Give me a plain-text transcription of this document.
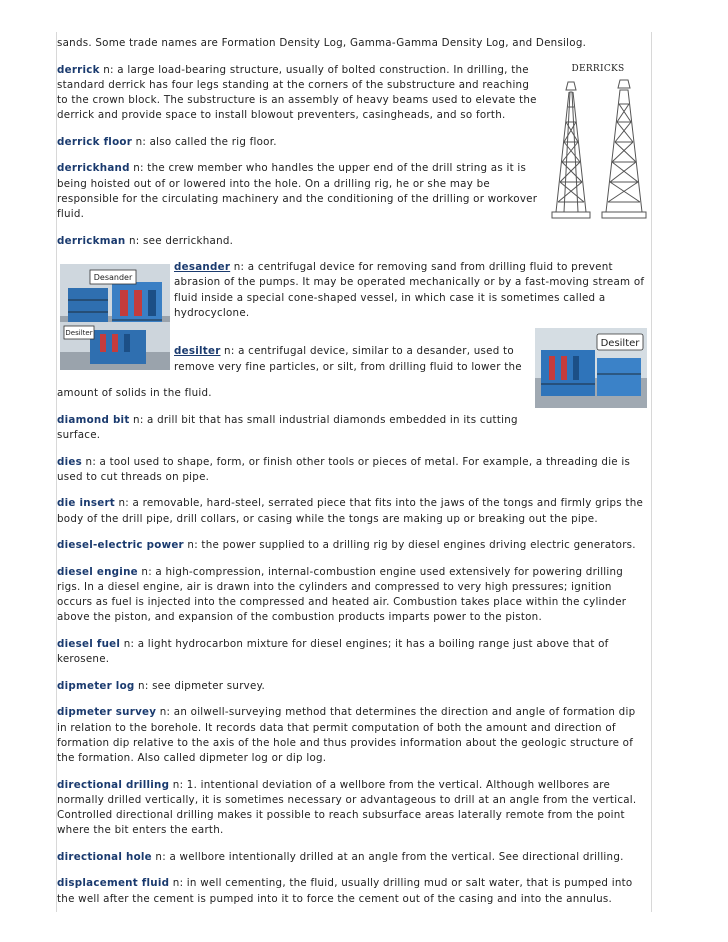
DERRICKS
Desander
Desilter
Desilter

sands. Some trade names are Formation Density Log, Gamma-Gamma Density Log, and Densilog.

derrick n: a large load-bearing structure, usually of bolted construction. In drilling, the standard derrick has four legs standing at the corners of the substructure and reaching to the crown block. The substructure is an assembly of heavy beams used to elevate the derrick and provide space to install blowout preventers, casingheads, and so forth.

derrick floor n: also called the rig floor.

derrickhand n: the crew member who handles the upper end of the drill string as it is being hoisted out of or lowered into the hole. On a drilling rig, he or she may be responsible for the circulating machinery and the conditioning of the drilling or workover fluid.

derrickman n: see derrickhand.

desander n: a centrifugal device for removing sand from drilling fluid to prevent abrasion of the pumps. It may be operated mechanically or by a fast-moving stream of fluid inside a special cone-shaped vessel, in which case it is sometimes called a hydrocyclone.

desilter n: a centrifugal device, similar to a desander, used to remove very fine particles, or silt, from drilling fluid to lower the

amount of solids in the fluid.

diamond bit n: a drill bit that has small industrial diamonds embedded in its cutting surface.

dies n: a tool used to shape, form, or finish other tools or pieces of metal. For example, a threading die is used to cut threads on pipe.

die insert n: a removable, hard-steel, serrated piece that fits into the jaws of the tongs and firmly grips the body of the drill pipe, drill collars, or casing while the tongs are making up or breaking out the pipe.

diesel-electric power n: the power supplied to a drilling rig by diesel engines driving electric generators.

diesel engine n: a high-compression, internal-combustion engine used extensively for powering drilling rigs. In a diesel engine, air is drawn into the cylinders and compressed to very high pressures; ignition occurs as fuel is injected into the compressed and heated air. Combustion takes place within the cylinder above the piston, and expansion of the combustion products imparts power to the piston.

diesel fuel n: a light hydrocarbon mixture for diesel engines; it has a boiling range just above that of kerosene.

dipmeter log n: see dipmeter survey.

dipmeter survey n: an oilwell-surveying method that determines the direction and angle of formation dip in relation to the borehole. It records data that permit computation of both the amount and direction of formation dip relative to the axis of the hole and thus provides information about the geologic structure of the formation. Also called dipmeter log or dip log.

directional drilling n: 1. intentional deviation of a wellbore from the vertical. Although wellbores are normally drilled vertically, it is sometimes necessary or advantageous to drill at an angle from the vertical. Controlled directional drilling makes it possible to reach subsurface areas laterally remote from the point where the bit enters the earth.

directional hole n: a wellbore intentionally drilled at an angle from the vertical. See directional drilling.

displacement fluid n: in well cementing, the fluid, usually drilling mud or salt water, that is pumped into the well after the cement is pumped into it to force the cement out of the casing and into the annulus.
